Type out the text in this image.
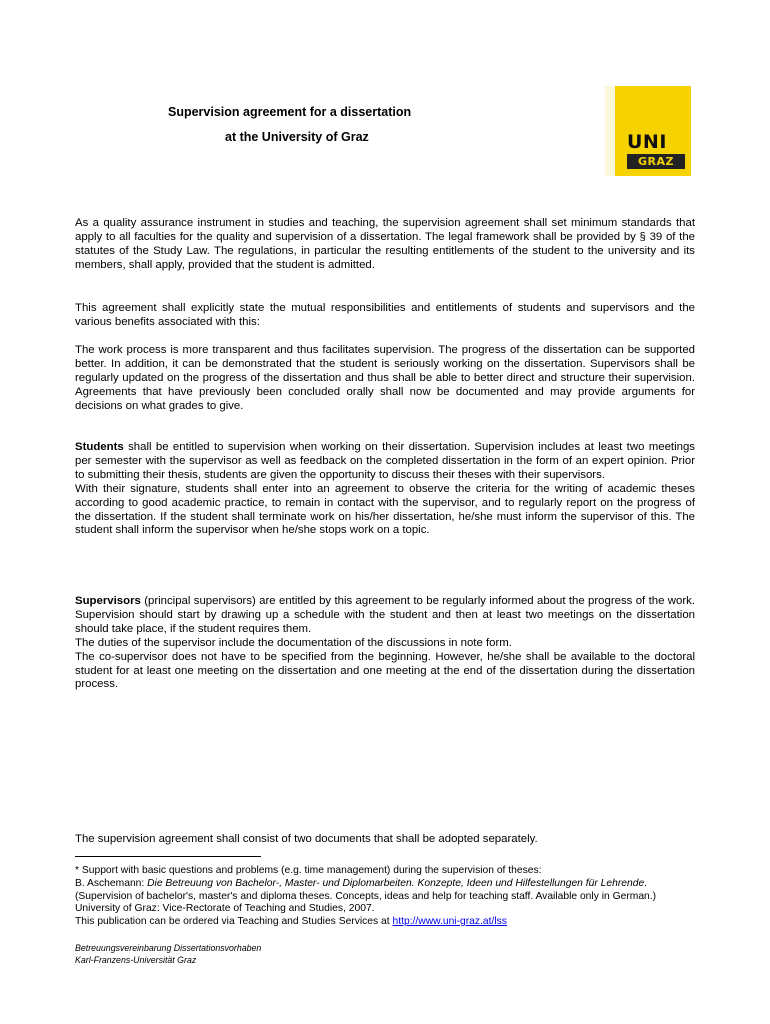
Supervision agreement for a dissertation
at the University of Graz	UNI
GRAZ

As a quality assurance instrument in studies and teaching, the supervision agreement shall set minimum standards that apply to all faculties for the quality and supervision of a dissertation. The legal framework shall be provided by § 39 of the statutes of the Study Law. The regulations, in particular the resulting entitlements of the student to the university and its members, shall apply, provided that the student is admitted.

This agreement shall explicitly state the mutual responsibilities and entitlements of students and supervisors and the various benefits associated with this:

The work process is more transparent and thus facilitates supervision. The progress of the dissertation can be supported better. In addition, it can be demonstrated that the student is seriously working on the dissertation. Supervisors shall be regularly updated on the progress of the dissertation and thus shall be able to better direct and structure their supervision. Agreements that have previously been concluded orally shall now be documented and may provide arguments for decisions on what grades to give.

Students shall be entitled to supervision when working on their dissertation. Supervision includes at least two meetings per semester with the supervisor as well as feedback on the completed dissertation in the form of an expert opinion. Prior to submitting their thesis, students are given the opportunity to discuss their theses with their supervisors.

With their signature, students shall enter into an agreement to observe the criteria for the writing of academic theses according to good academic practice, to remain in contact with the supervisor, and to regularly report on the progress of the dissertation. If the student shall terminate work on his/her dissertation, he/she must inform the supervisor of this. The student shall inform the supervisor when he/she stops work on a topic.

Supervisors (principal supervisors) are entitled by this agreement to be regularly informed about the progress of the work. Supervision should start by drawing up a schedule with the student and then at least two meetings on the dissertation should take place, if the student requires them.

The duties of the supervisor include the documentation of the discussions in note form.

The co-supervisor does not have to be specified from the beginning. However, he/she shall be available to the doctoral student for at least one meeting on the dissertation and one meeting at the end of the dissertation during the dissertation process.

The supervision agreement shall consist of two documents that shall be adopted separately.

* Support with basic questions and problems (e.g. time management) during the supervision of theses:
B. Aschemann: Die Betreuung von Bachelor-, Master- und Diplomarbeiten. Konzepte, Ideen und Hilfestellungen für Lehrende. (Supervision of bachelor's, master's and diploma theses. Concepts, ideas and help for teaching staff. Available only in German.) University of Graz: Vice-Rectorate of Teaching and Studies, 2007.
This publication can be ordered via Teaching and Studies Services at http://www.uni-graz.at/lss
Betreuungsvereinbarung Dissertationsvorhaben
Karl-Franzens-Universität Graz
